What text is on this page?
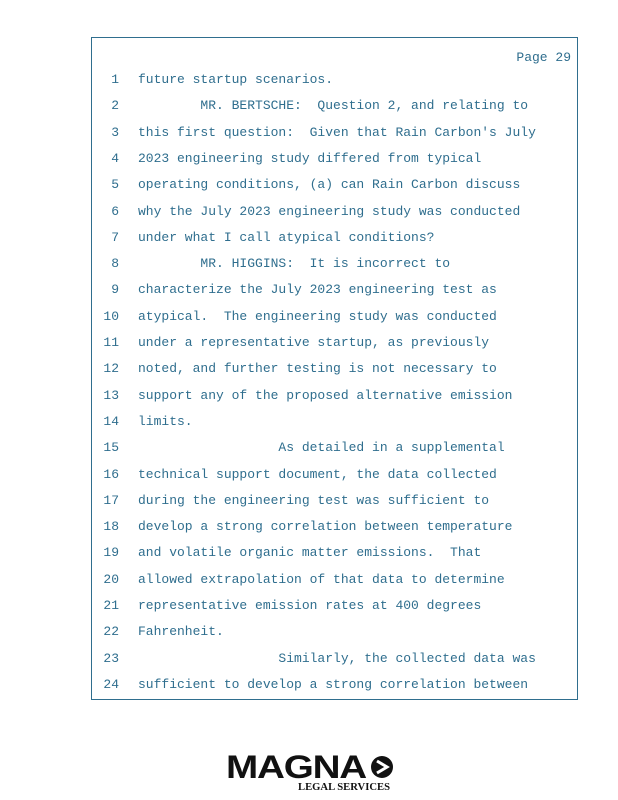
Page 29
1 future startup scenarios.
2 MR. BERTSCHE:  Question 2, and relating to
3 this first question:  Given that Rain Carbon's July
4 2023 engineering study differed from typical
5 operating conditions, (a) can Rain Carbon discuss
6 why the July 2023 engineering study was conducted
7 under what I call atypical conditions?
8 MR. HIGGINS:  It is incorrect to
9 characterize the July 2023 engineering test as
10 atypical.  The engineering study was conducted
11 under a representative startup, as previously
12 noted, and further testing is not necessary to
13 support any of the proposed alternative emission
14 limits.
15 As detailed in a supplemental
16 technical support document, the data collected
17 during the engineering test was sufficient to
18 develop a strong correlation between temperature
19 and volatile organic matter emissions.  That
20 allowed extrapolation of that data to determine
21 representative emission rates at 400 degrees
22 Fahrenheit.
23 Similarly, the collected data was
24 sufficient to develop a strong correlation between
MAGNA
LEGAL SERVICES
